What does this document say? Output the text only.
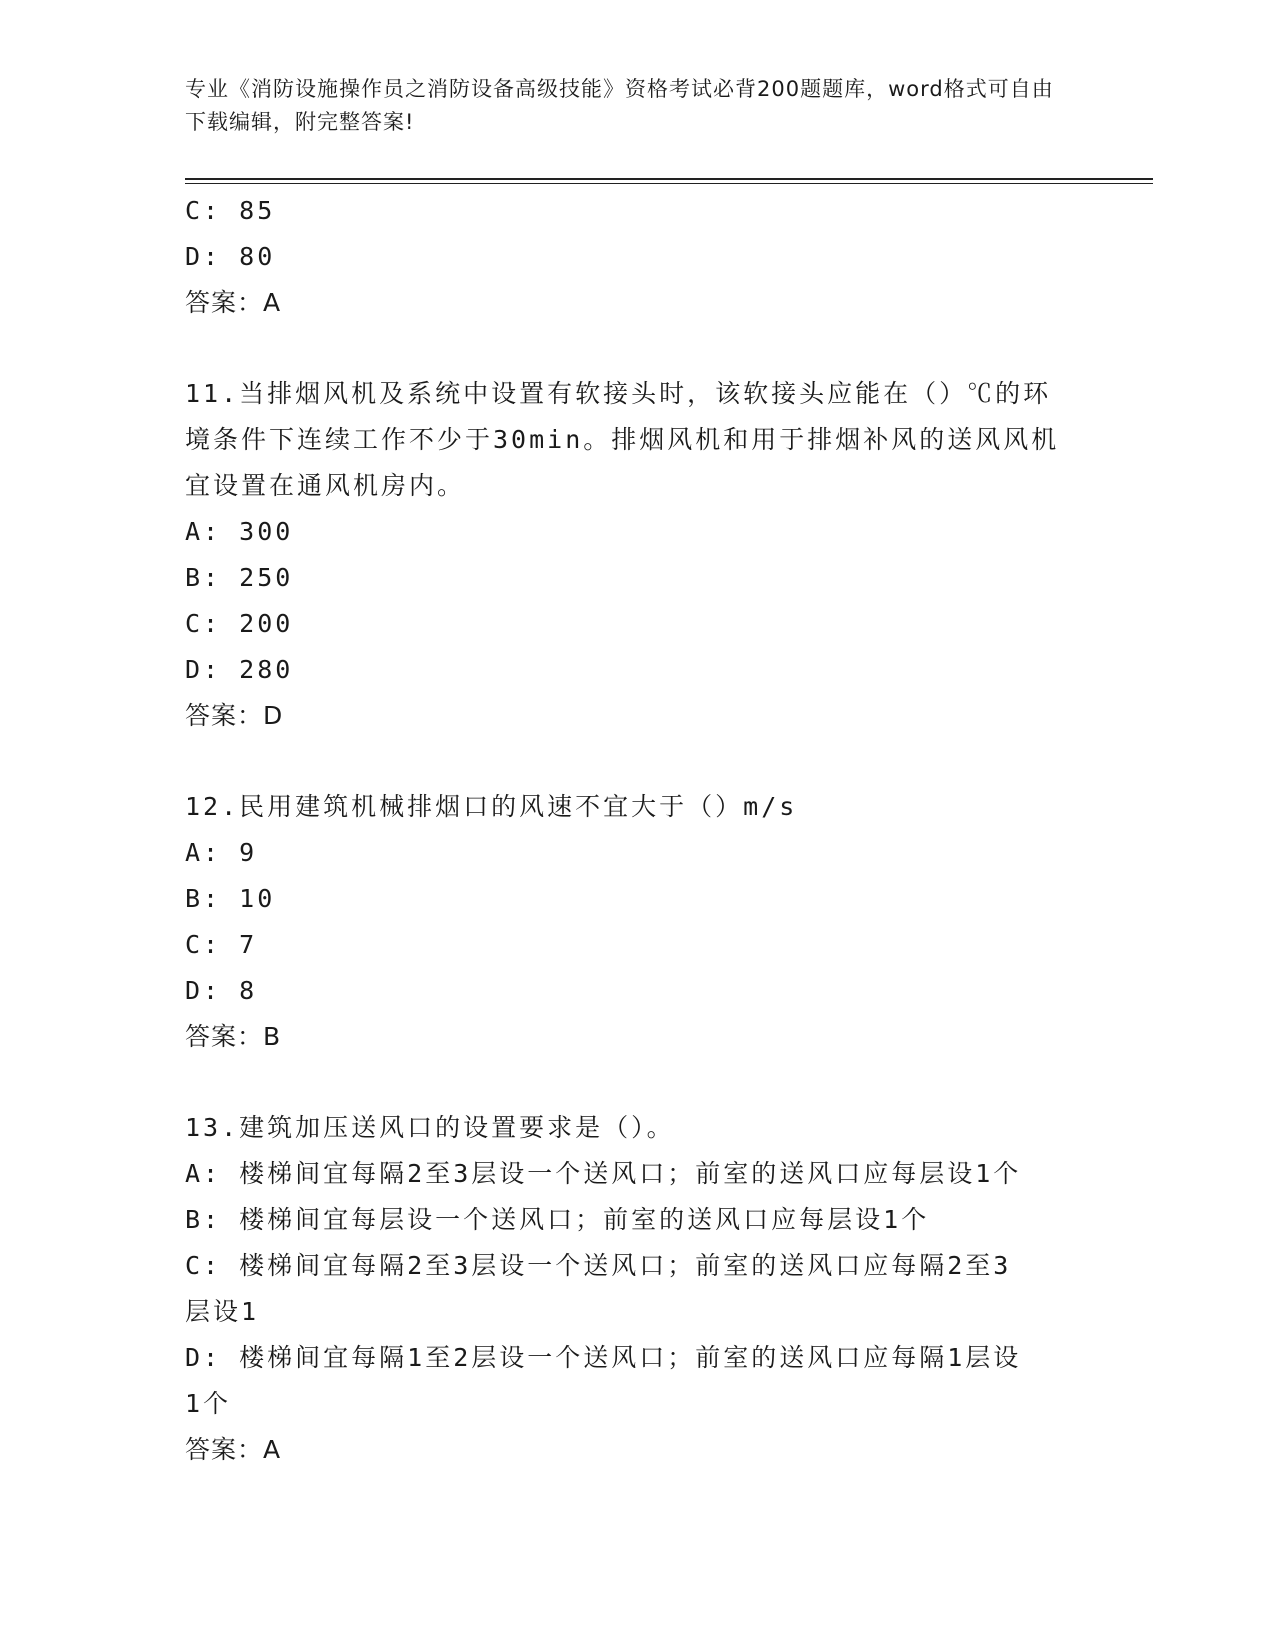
专业《消防设施操作员之消防设备高级技能》资格考试必背200题题库，word格式可自由下载编辑，附完整答案!
C: 85
D: 80
答案：A
11.当排烟风机及系统中设置有软接头时，该软接头应能在（）℃的环
境条件下连续工作不少于30min。排烟风机和用于排烟补风的送风风机
宜设置在通风机房内。
A: 300
B: 250
C: 200
D: 280
答案：D
12.民用建筑机械排烟口的风速不宜大于（）m/s
A: 9
B: 10
C: 7
D: 8
答案：B
13.建筑加压送风口的设置要求是（）。
A: 楼梯间宜每隔2至3层设一个送风口；前室的送风口应每层设1个
B: 楼梯间宜每层设一个送风口；前室的送风口应每层设1个
C: 楼梯间宜每隔2至3层设一个送风口；前室的送风口应每隔2至3
层设1
D: 楼梯间宜每隔1至2层设一个送风口；前室的送风口应每隔1层设
1个
答案：A
